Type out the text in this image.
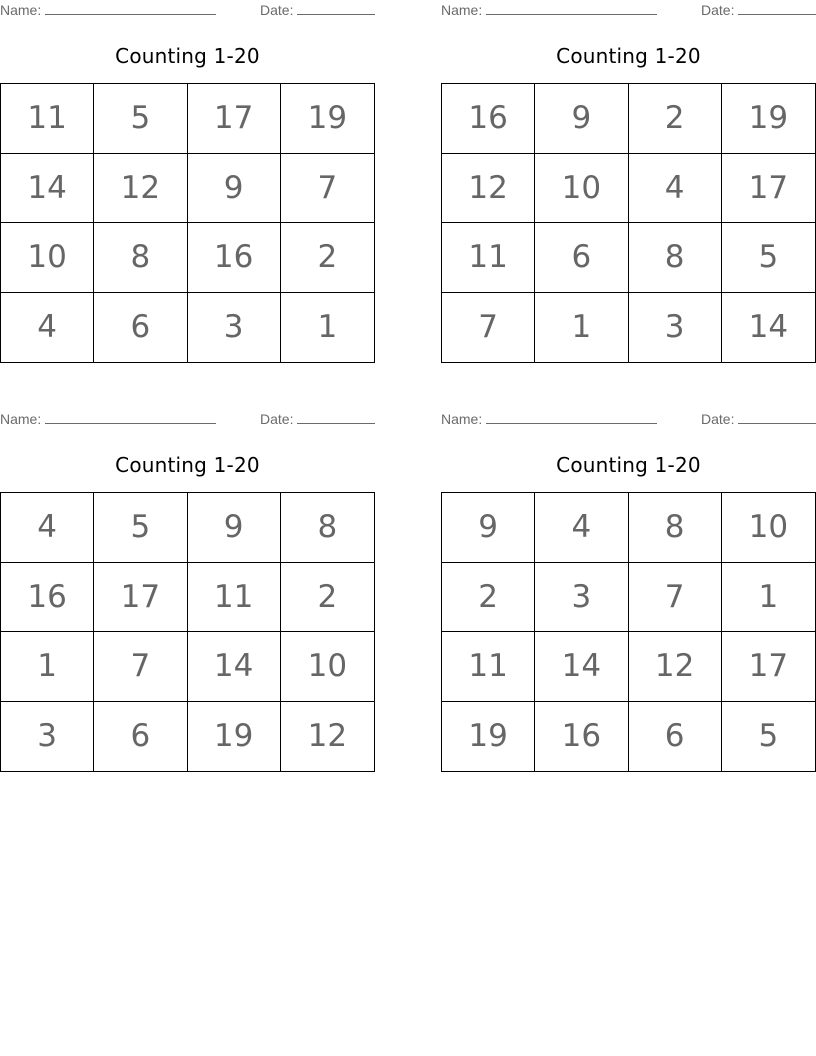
Name:	Date:
Counting 1-20
11	5	17	19
14	12	9	7
10	8	16	2
4	6	3	1
Name:	Date:
Counting 1-20
16	9	2	19
12	10	4	17
11	6	8	5
7	1	3	14
Name:	Date:
Counting 1-20
4	5	9	8
16	17	11	2
1	7	14	10
3	6	19	12
Name:	Date:
Counting 1-20
9	4	8	10
2	3	7	1
11	14	12	17
19	16	6	5
